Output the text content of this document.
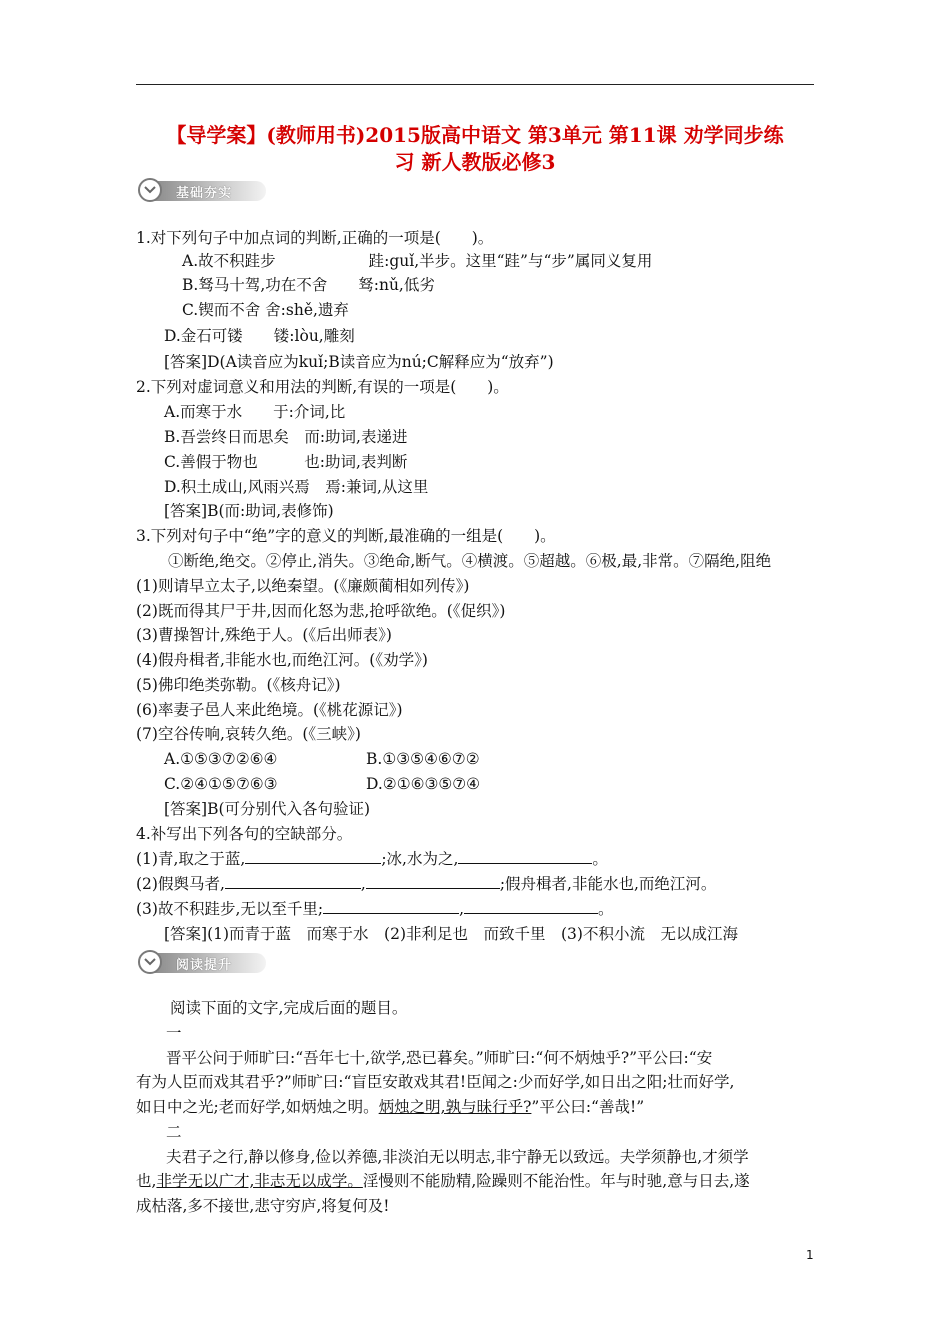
【导学案】(教师用书)2015版高中语文 第3单元 第11课 劝学同步练
习 新人教版必修3
基础夯实
1.对下列句子中加点词的判断,正确的一项是(　　)。
A.故不积跬步　　　　　　跬:guǐ,半步。这里“跬”与“步”属同义复用
B.驽马十驾,功在不舍　　驽:nǔ,低劣
C.锲而不舍 舍:shě,遗弃
D.金石可镂　　镂:lòu,雕刻
[答案]D(A读音应为kuǐ;B读音应为nú;C解释应为“放弃”)
2.下列对虚词意义和用法的判断,有误的一项是(　　)。
A.而寒于水　　于:介词,比
B.吾尝终日而思矣　而:助词,表递进
C.善假于物也　　　也:助词,表判断
D.积土成山,风雨兴焉　焉:兼词,从这里
[答案]B(而:助词,表修饰)
3.下列对句子中“绝”字的意义的判断,最准确的一组是(　　)。
①断绝,绝交。②停止,消失。③绝命,断气。④横渡。⑤超越。⑥极,最,非常。⑦隔绝,阻绝
(1)则请早立太子,以绝秦望。(《廉颇蔺相如列传》)
(2)既而得其尸于井,因而化怒为悲,抢呼欲绝。(《促织》)
(3)曹操智计,殊绝于人。(《后出师表》)
(4)假舟楫者,非能水也,而绝江河。(《劝学》)
(5)佛印绝类弥勒。(《核舟记》)
(6)率妻子邑人来此绝境。(《桃花源记》)
(7)空谷传响,哀转久绝。(《三峡》)
A.①⑤③⑦②⑥④	B.①③⑤④⑥⑦②
C.②④①⑤⑦⑥③	D.②①⑥③⑤⑦④
[答案]B(可分别代入各句验证)
4.补写出下列各句的空缺部分。
(1)青,取之于蓝,	;冰,水为之,	。
(2)假舆马者,	,	;假舟楫者,非能水也,而绝江河。
(3)故不积跬步,无以至千里;	,	。
[答案](1)而青于蓝　而寒于水　(2)非利足也　而致千里　(3)不积小流　无以成江海
阅读提升
阅读下面的文字,完成后面的题目。
一
晋平公问于师旷曰:“吾年七十,欲学,恐已暮矣。”师旷曰:“何不炳烛乎?”平公曰:“安
有为人臣而戏其君乎?”师旷曰:“盲臣安敢戏其君!臣闻之:少而好学,如日出之阳;壮而好学,
如日中之光;老而好学,如炳烛之明。炳烛之明,孰与昧行乎?”平公曰:“善哉!”
二
夫君子之行,静以修身,俭以养德,非淡泊无以明志,非宁静无以致远。夫学须静也,才须学
也,非学无以广才,非志无以成学。淫慢则不能励精,险躁则不能治性。年与时驰,意与日去,遂
成枯落,多不接世,悲守穷庐,将复何及!
1
